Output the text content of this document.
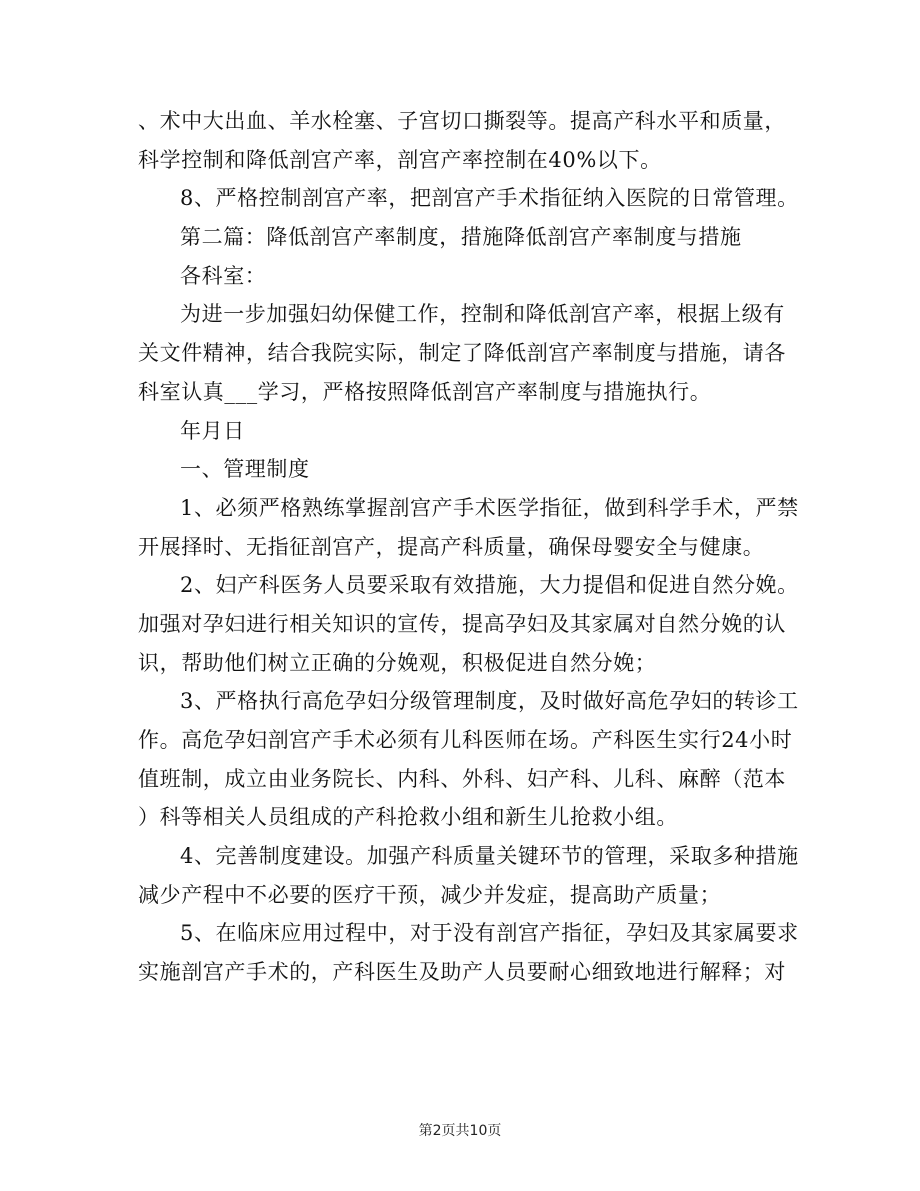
、术中大出血、羊水栓塞、子宫切口撕裂等。提高产科水平和质量，
科学控制和降低剖宫产率，剖宫产率控制在40%以下。
8、严格控制剖宫产率，把剖宫产手术指征纳入医院的日常管理。
第二篇：降低剖宫产率制度，措施降低剖宫产率制度与措施
各科室：
为进一步加强妇幼保健工作，控制和降低剖宫产率，根据上级有
关文件精神，结合我院实际，制定了降低剖宫产率制度与措施，请各
科室认真___学习，严格按照降低剖宫产率制度与措施执行。
年月日
一、管理制度
1、必须严格熟练掌握剖宫产手术医学指征，做到科学手术，严禁
开展择时、无指征剖宫产，提高产科质量，确保母婴安全与健康。
2、妇产科医务人员要采取有效措施，大力提倡和促进自然分娩。
加强对孕妇进行相关知识的宣传，提高孕妇及其家属对自然分娩的认
识，帮助他们树立正确的分娩观，积极促进自然分娩；
3、严格执行高危孕妇分级管理制度，及时做好高危孕妇的转诊工
作。高危孕妇剖宫产手术必须有儿科医师在场。产科医生实行24小时
值班制，成立由业务院长、内科、外科、妇产科、儿科、麻醉（范本
）科等相关人员组成的产科抢救小组和新生儿抢救小组。
4、完善制度建设。加强产科质量关键环节的管理，采取多种措施
减少产程中不必要的医疗干预，减少并发症，提高助产质量；
5、在临床应用过程中，对于没有剖宫产指征，孕妇及其家属要求
实施剖宫产手术的，产科医生及助产人员要耐心细致地进行解释；对
第2页共10页
